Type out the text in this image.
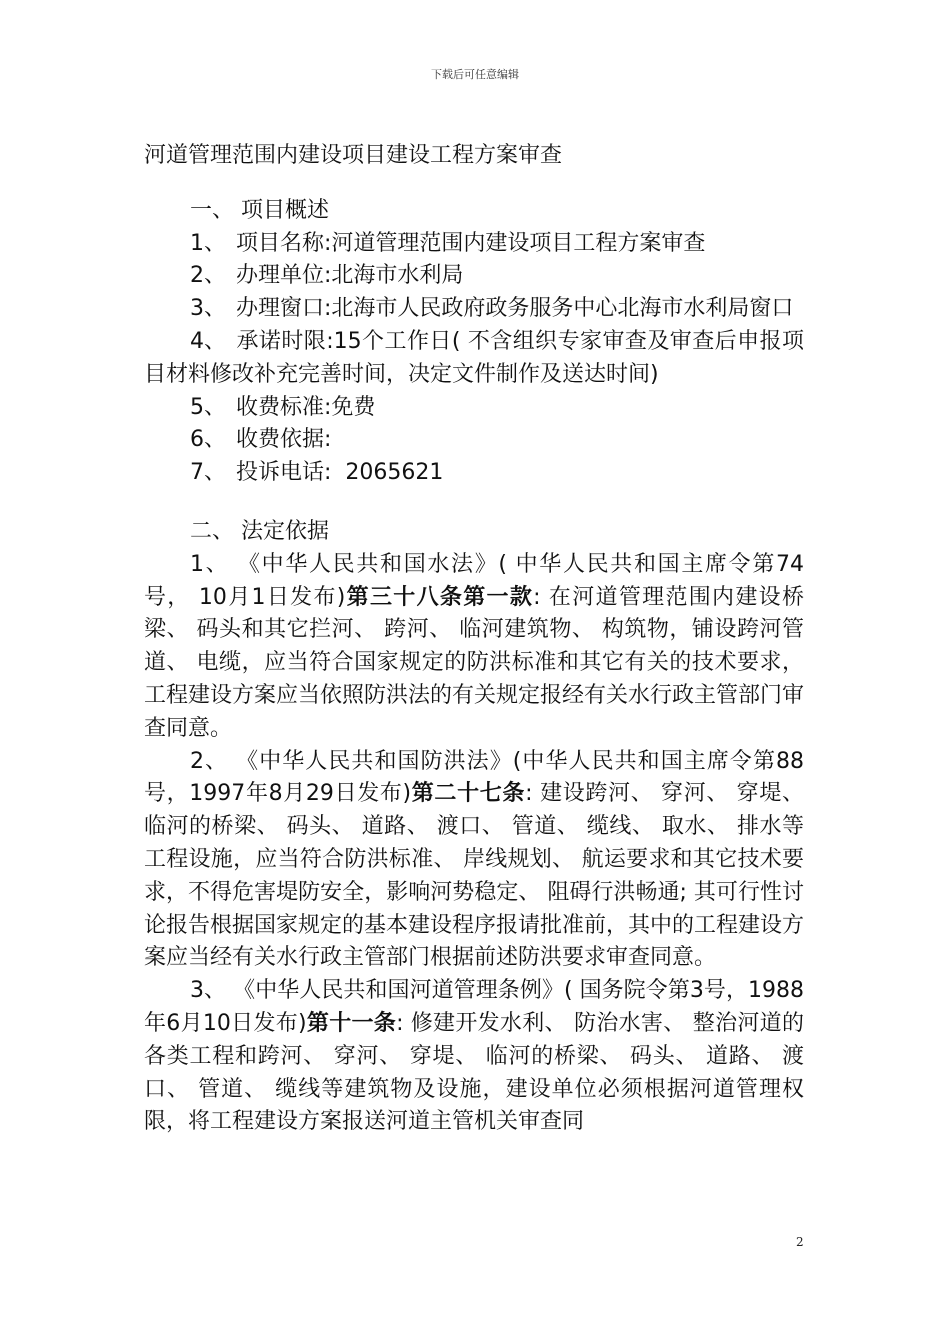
下载后可任意编辑
河道管理范围内建设项目建设工程方案审查
一、 项目概述
1、 项目名称:河道管理范围内建设项目工程方案审查
2、 办理单位:北海市水利局
3、 办理窗口:北海市人民政府政务服务中心北海市水利局窗口
4、 承诺时限:15个工作日( 不含组织专家审查及审查后申报项目材料修改补充完善时间，决定文件制作及送达时间)
5、 收费标准:免费
6、 收费依据:
7、 投诉电话:  2065621
二、 法定依据

1、 《中华人民共和国水法》( 中华人民共和国主席令第74号， 10月1日发布)第三十八条第一款: 在河道管理范围内建设桥梁、 码头和其它拦河、 跨河、 临河建筑物、 构筑物，铺设跨河管道、 电缆，应当符合国家规定的防洪标准和其它有关的技术要求，工程建设方案应当依照防洪法的有关规定报经有关水行政主管部门审查同意。

2、 《中华人民共和国防洪法》(中华人民共和国主席令第88号，1997年8月29日发布)第二十七条: 建设跨河、 穿河、 穿堤、 临河的桥梁、 码头、 道路、 渡口、 管道、 缆线、 取水、 排水等工程设施，应当符合防洪标准、 岸线规划、 航运要求和其它技术要求，不得危害堤防安全，影响河势稳定、 阻碍行洪畅通; 其可行性讨论报告根据国家规定的基本建设程序报请批准前，其中的工程建设方案应当经有关水行政主管部门根据前述防洪要求审查同意。

3、 《中华人民共和国河道管理条例》( 国务院令第3号，1988年6月10日发布)第十一条: 修建开发水利、 防治水害、 整治河道的各类工程和跨河、 穿河、 穿堤、 临河的桥梁、 码头、 道路、 渡口、 管道、 缆线等建筑物及设施，建设单位必须根据河道管理权限，将工程建设方案报送河道主管机关审查同

2
